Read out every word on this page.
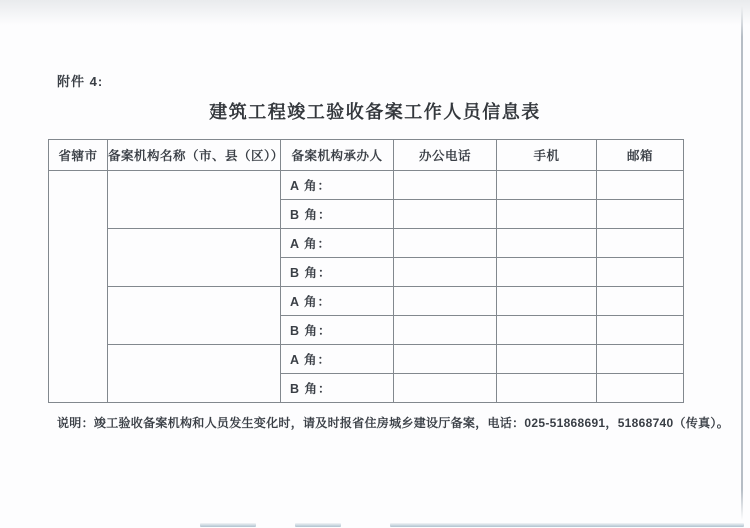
附件 4:
建筑工程竣工验收备案工作人员信息表
省辖市	备案机构名称（市、县（区））	备案机构承办人	办公电话	手机	邮箱
		A 角：			
		B 角：			
		A 角：			
		B 角：			
		A 角：			
		B 角：			
		A 角：			
		B 角：			
说明：竣工验收备案机构和人员发生变化时，请及时报省住房城乡建设厅备案，电话：025-51868691，51868740（传真）。
